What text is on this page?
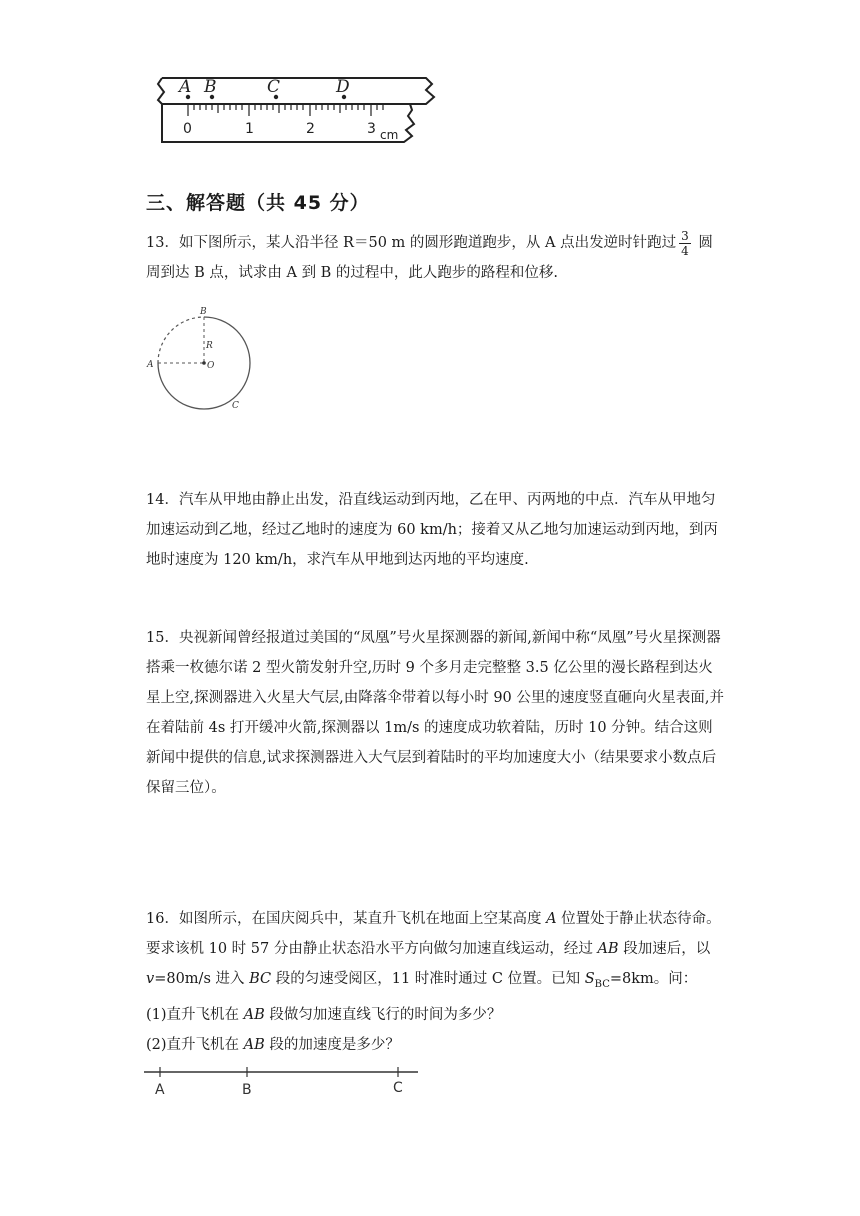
A B	C	D
0	1	2	3 cm
三、解答题（共 45 分）

13．如下图所示，某人沿半径 R＝50 m 的圆形跑道跑步，从 A 点出发逆时针跑过 $\frac{3}{4}$ 圆周到达 B 点，试求由 A 到 B 的过程中，此人跑步的路程和位移.

B
R
A	O
C

14．汽车从甲地由静止出发，沿直线运动到丙地，乙在甲、丙两地的中点．汽车从甲地匀加速运动到乙地，经过乙地时的速度为 60 km/h；接着又从乙地匀加速运动到丙地，到丙地时速度为 120 km/h，求汽车从甲地到达丙地的平均速度.

15．央视新闻曾经报道过美国的“凤凰”号火星探测器的新闻,新闻中称“凤凰”号火星探测器搭乘一枚德尔诺 2 型火箭发射升空,历时 9 个多月走完整整 3.5 亿公里的漫长路程到达火星上空,探测器进入火星大气层,由降落伞带着以每小时 90 公里的速度竖直砸向火星表面,并在着陆前 4s 打开缓冲火箭,探测器以 1m/s 的速度成功软着陆，历时 10 分钟。结合这则新闻中提供的信息,试求探测器进入大气层到着陆时的平均加速度大小（结果要求小数点后保留三位）。

16．如图所示，在国庆阅兵中，某直升飞机在地面上空某高度 A 位置处于静止状态待命。要求该机 10 时 57 分由静止状态沿水平方向做匀加速直线运动，经过 AB 段加速后，以 v=80m/s 进入 BC 段的匀速受阅区，11 时准时通过 C 位置。已知 $S_{BC}=8km$。问：
(1)直升飞机在 AB 段做匀加速直线飞行的时间为多少？
(2)直升飞机在 AB 段的加速度是多少？
A	B	C
